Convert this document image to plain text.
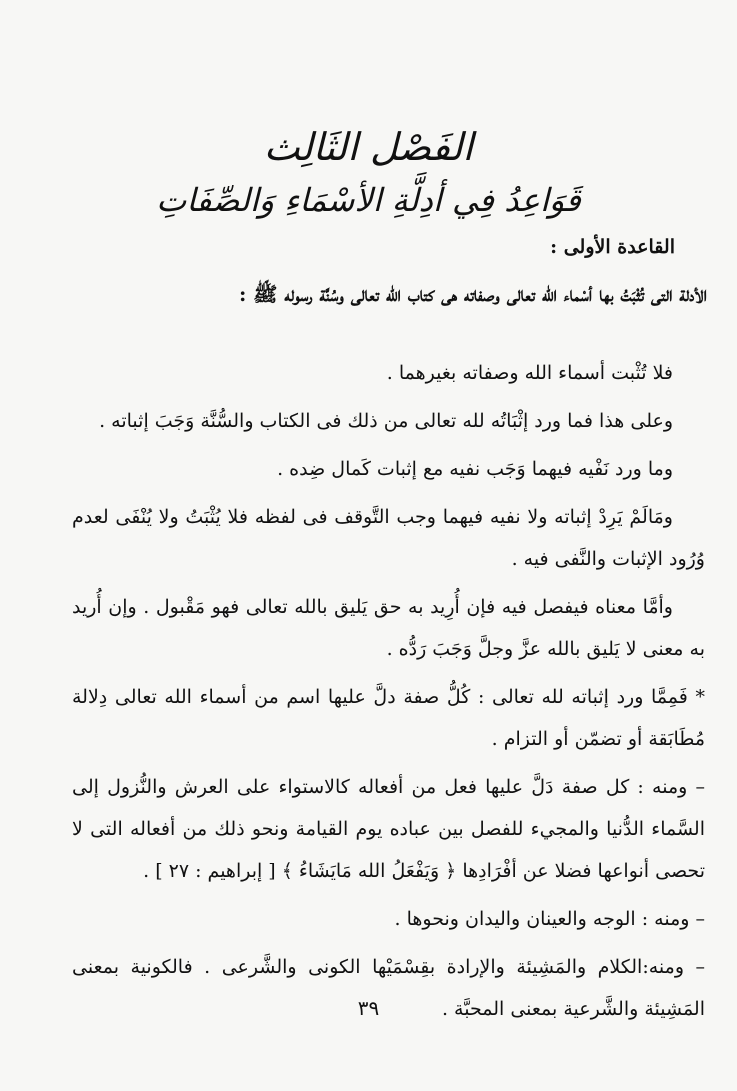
الفَصْل الثَالِث
قَوَاعِدُ فِي أدِلَّةِ الأسْمَاءِ وَالصِّفَاتِ
القاعدة الأولى :
الأدلة التى تُثْبَتُ بها أسْماء الله تعالى وصفاته هى كتاب الله تعالى وسُنَّة رسوله ﷺ :

فلا تُثْبت أسماء الله وصفاته بغيرهما .

وعلى هذا فما ورد إثْبَاتُه لله تعالى من ذلك فى الكتاب والسُّنَّة وَجَبَ إثباته .

وما ورد نَفْيه فيهما وَجَب نفيه مع إثبات كَمال ضِده .

ومَالَمْ يَرِدْ إثباته ولا نفيه فيهما وجب التَّوقف فى لفظه فلا يُثْبَتُ ولا يُنْفَى لعدم وُرُود الإثبات والنَّفى فيه .

وأمَّا معناه فيفصل فيه فإن أُرِيد به حق يَليق بالله تعالى فهو مَقْبول . وإن أُريد به معنى لا يَليق بالله عزَّ وجلَّ وَجَبَ رَدُّه .

* فَمِمَّا ورد إثباته لله تعالى : كُلُّ صفة دلَّ عليها اسم من أسماء الله تعالى دِلالة مُطَابَقة أو تضمّن أو التزام .

– ومنه : كل صفة دَلَّ عليها فعل من أفعاله كالاستواء على العرش والنُّزول إلى السَّماء الدُّنيا والمجيء للفصل بين عباده يوم القيامة ونحو ذلك من أفعاله التى لا تحصى أنواعها فضلا عن أفْرَادِها ﴿ وَيَفْعَلُ الله مَايَشَاءُ ﴾ [ إبراهيم : ٢٧ ] .

– ومنه : الوجه والعينان واليدان ونحوها .

– ومنه:الكلام والمَشِيئة والإرادة بقِسْمَيْها الكونى والشَّرعى . فالكونية بمعنى المَشِيئة والشَّرعية بمعنى المحبَّة .

٣٩
